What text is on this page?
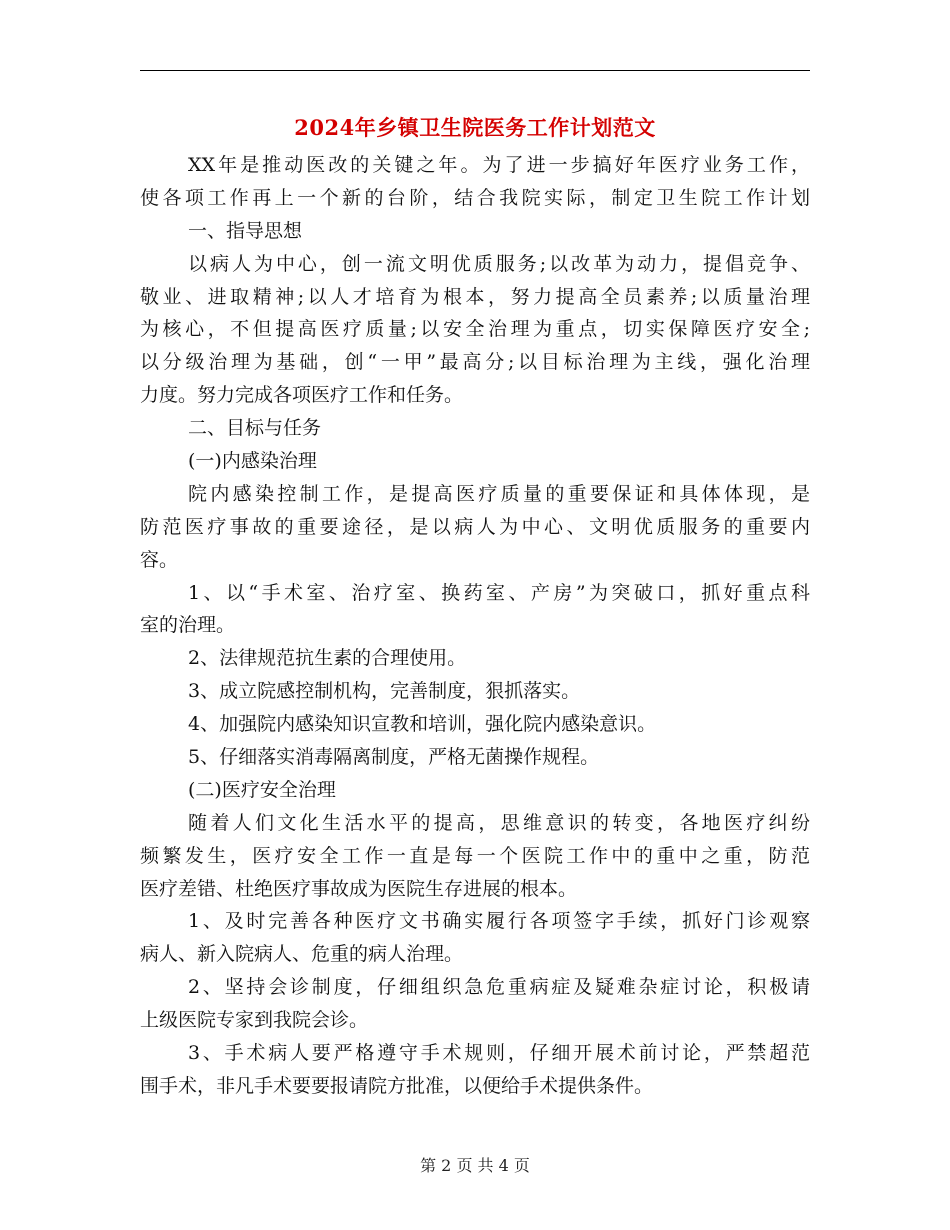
2024年乡镇卫生院医务工作计划范文
XX年是推动医改的关键之年。为了进一步搞好年医疗业务工作，
使各项工作再上一个新的台阶，结合我院实际，制定卫生院工作计划
一、指导思想
以病人为中心，创一流文明优质服务;以改革为动力，提倡竞争、
敬业、进取精神;以人才培育为根本，努力提高全员素养;以质量治理
为核心，不但提高医疗质量;以安全治理为重点，切实保障医疗安全;
以分级治理为基础，创“一甲”最高分;以目标治理为主线，强化治理
力度。努力完成各项医疗工作和任务。
二、目标与任务
(一)内感染治理
院内感染控制工作，是提高医疗质量的重要保证和具体体现，是
防范医疗事故的重要途径，是以病人为中心、文明优质服务的重要内
容。
1、以“手术室、治疗室、换药室、产房”为突破口，抓好重点科
室的治理。
2、法律规范抗生素的合理使用。
3、成立院感控制机构，完善制度，狠抓落实。
4、加强院内感染知识宣教和培训，强化院内感染意识。
5、仔细落实消毒隔离制度，严格无菌操作规程。
(二)医疗安全治理
随着人们文化生活水平的提高，思维意识的转变，各地医疗纠纷
频繁发生，医疗安全工作一直是每一个医院工作中的重中之重，防范
医疗差错、杜绝医疗事故成为医院生存进展的根本。
1、及时完善各种医疗文书确实履行各项签字手续，抓好门诊观察
病人、新入院病人、危重的病人治理。
2、坚持会诊制度，仔细组织急危重病症及疑难杂症讨论，积极请
上级医院专家到我院会诊。
3、手术病人要严格遵守手术规则，仔细开展术前讨论，严禁超范
围手术，非凡手术要要报请院方批准，以便给手术提供条件。
第 2 页 共 4 页
